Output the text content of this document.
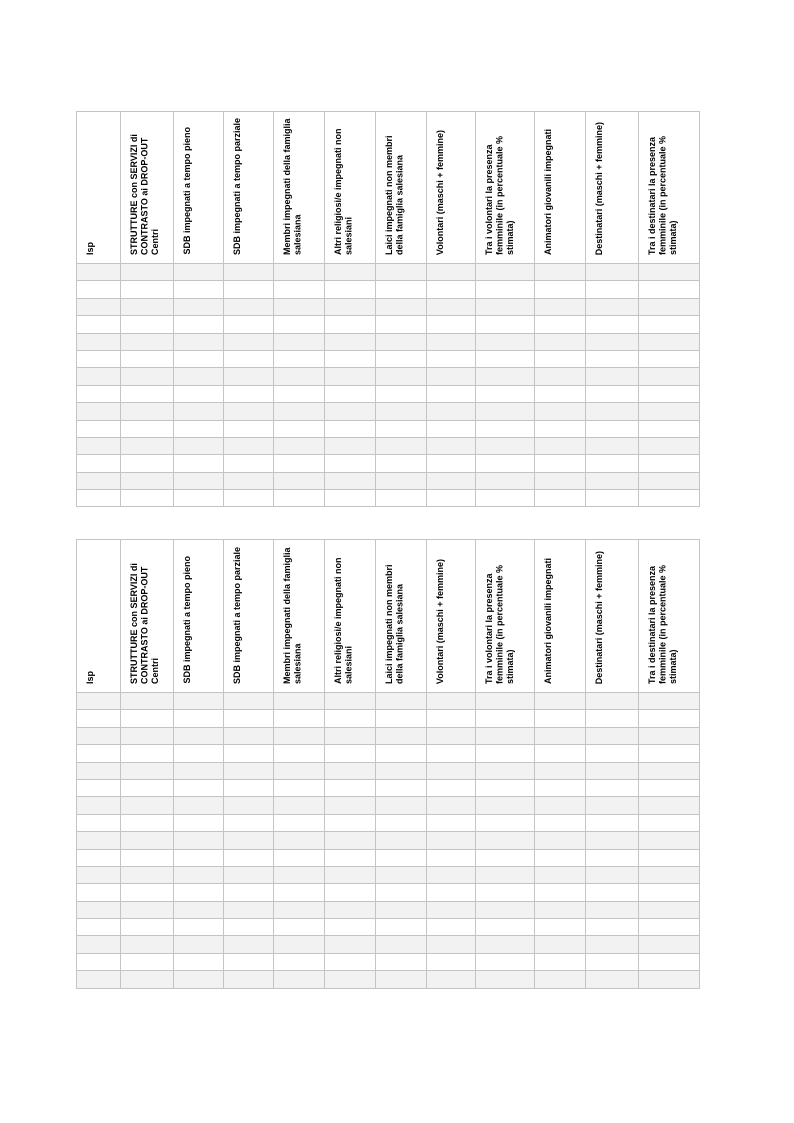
Isp	STRUTTURE con SERVIZI di CONTRASTO ai DROP-OUT Centri	SDB impegnati a tempo pieno	SDB impegnati a tempo parziale	Membri impegnati della famiglia salesiana	Altri religiosi/e impegnati non salesiani	Laici impegnati non membri della famiglia salesiana	Volontari (maschi + femmine)	Tra i volontari la presenza femminile (in percentuale % stimata)	Animatori giovanili impegnati	Destinatari (maschi + femmine)	Tra i destinatari la presenza femminile (in percentuale % stimata)

Isp	STRUTTURE con SERVIZI di CONTRASTO ai DROP-OUT Centri	SDB impegnati a tempo pieno	SDB impegnati a tempo parziale	Membri impegnati della famiglia salesiana	Altri religiosi/e impegnati non salesiani	Laici impegnati non membri della famiglia salesiana	Volontari (maschi + femmine)	Tra i volontari la presenza femminile (in percentuale % stimata)	Animatori giovanili impegnati	Destinatari (maschi + femmine)	Tra i destinatari la presenza femminile (in percentuale % stimata)
